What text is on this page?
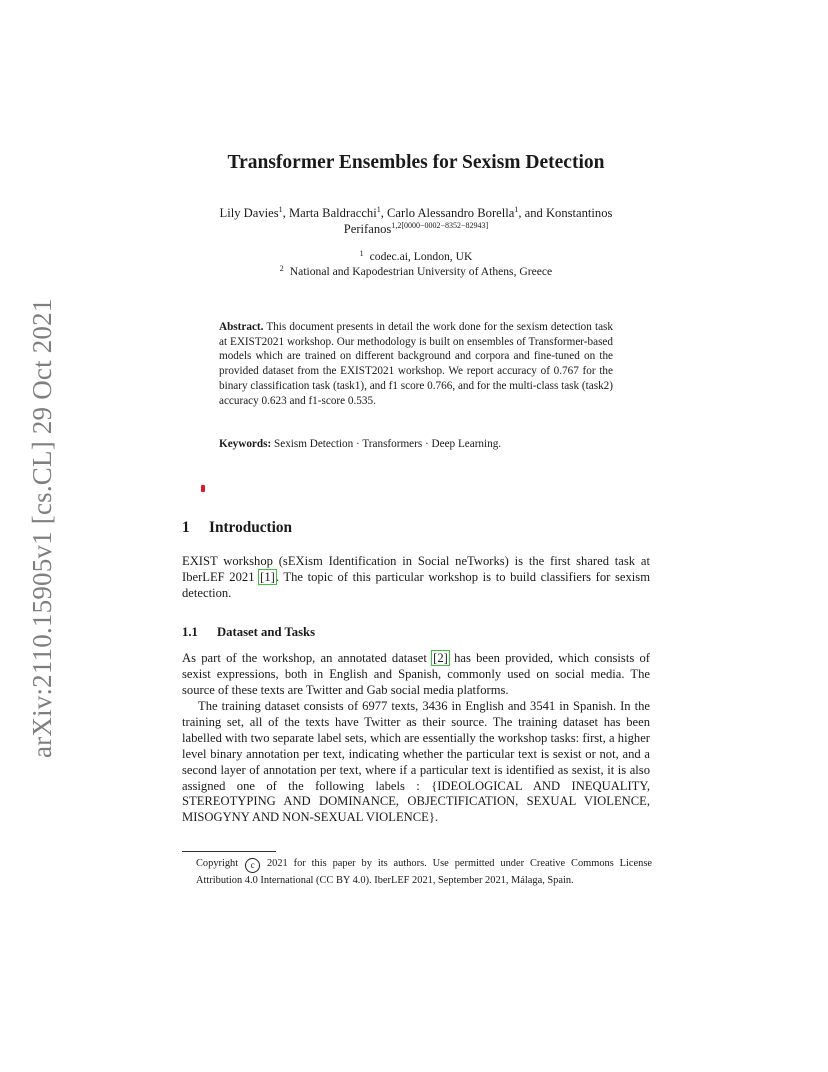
arXiv:2110.15905v1 [cs.CL] 29 Oct 2021
Transformer Ensembles for Sexism Detection
Lily Davies$^1$, Marta Baldracchi$^1$, Carlo Alessandro Borella$^1$, and Konstantinos Perifanos$^{1,2[0000-0002-8352-82943]}$
$^1$ codec.ai, London, UK
$^2$ National and Kapodestrian University of Athens, Greece
Abstract. This document presents in detail the work done for the sexism detection task at EXIST2021 workshop. Our methodology is built on ensembles of Transformer-based models which are trained on different background and corpora and fine-tuned on the provided dataset from the EXIST2021 workshop. We report accuracy of 0.767 for the binary classification task (task1), and f1 score 0.766, and for the multi-class task (task2) accuracy 0.623 and f1-score 0.535.
Keywords: Sexism Detection · Transformers · Deep Learning.
1 Introduction

EXIST workshop (sEXism Identification in Social neTworks) is the first shared task at IberLEF 2021 [1]. The topic of this particular workshop is to build classifiers for sexism detection.

1.1 Dataset and Tasks

As part of the workshop, an annotated dataset [2] has been provided, which consists of sexist expressions, both in English and Spanish, commonly used on social media. The source of these texts are Twitter and Gab social media platforms.

The training dataset consists of 6977 texts, 3436 in English and 3541 in Spanish. In the training set, all of the texts have Twitter as their source. The training dataset has been labelled with two separate label sets, which are essentially the workshop tasks: first, a higher level binary annotation per text, indicating whether the particular text is sexist or not, and a second layer of annotation per text, where if a particular text is identified as sexist, it is also assigned one of the following labels : {IDEOLOGICAL AND INEQUALITY, STEREOTYPING AND DOMINANCE, OBJECTIFICATION, SEXUAL VIOLENCE, MISOGYNY AND NON-SEXUAL VIOLENCE}.

Copyright c 2021 for this paper by its authors. Use permitted under Creative Commons License Attribution 4.0 International (CC BY 4.0). IberLEF 2021, September 2021, Málaga, Spain.
